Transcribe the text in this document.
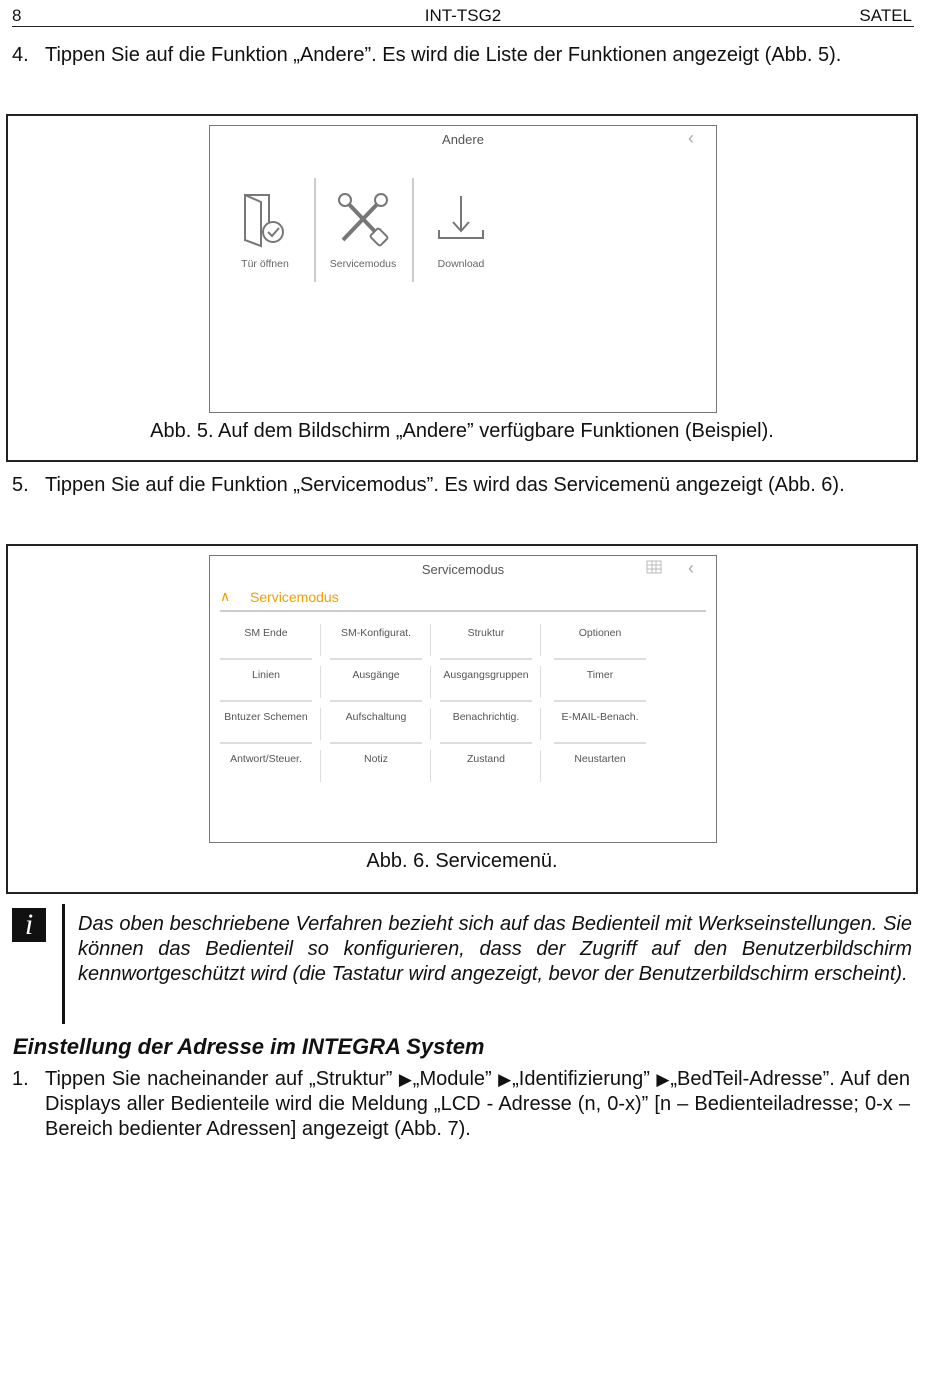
8	INT-TSG2	SATEL
4. Tippen Sie auf die Funktion „Andere”. Es wird die Liste der Funktionen angezeigt (Abb. 5).
Andere	‹
Tür öffnen	Servicemodus	Download
Abb. 5. Auf dem Bildschirm „Andere” verfügbare Funktionen (Beispiel).
5. Tippen Sie auf die Funktion „Servicemodus”. Es wird das Servicemenü angezeigt (Abb. 6).
Servicemodus	‹
∧ Servicemodus
SM Ende	SM-Konfigurat.	Struktur	Optionen
Linien	Ausgänge	Ausgangsgruppen	Timer
Bntuzer Schemen	Aufschaltung	Benachrichtig.	E-MAIL-Benach.
Antwort/Steuer.	Notiz	Zustand	Neustarten
Abb. 6. Servicemenü.
i	Das oben beschriebene Verfahren bezieht sich auf das Bedienteil mit Werkseinstellungen. Sie können das Bedienteil so konfigurieren, dass der Zugriff auf den Benutzerbildschirm kennwortgeschützt wird (die Tastatur wird angezeigt, bevor der Benutzerbildschirm erscheint).
Einstellung der Adresse im INTEGRA System
1. Tippen Sie nacheinander auf „Struktur” ▶„Module” ▶„Identifizierung” ▶„BedTeil-Adresse”. Auf den Displays aller Bedienteile wird die Meldung „LCD - Adresse (n, 0-x)” [n – Bedienteiladresse; 0-x – Bereich bedienter Adressen] angezeigt (Abb. 7).
